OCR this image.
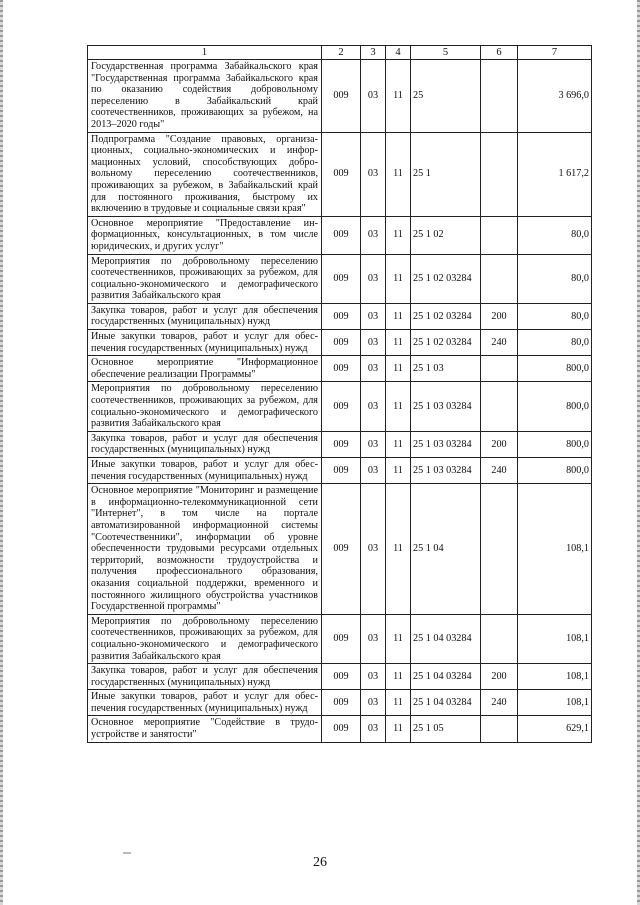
1	2	3	4	5	6	7
Государственная программа Забайкальского края "Государственная программа Забайкальского края по оказанию содействия добровольному переселению в Забайкальский край соотечественников, проживающих за рубежом, на 2013–2020 годы"	009	03	11	25		3 696,0
Подпрограмма "Создание правовых, организационных, социально-экономических и информационных условий, способствующих добровольному переселению соотечественников, проживающих за рубежом, в Забайкальский край для постоянного проживания, быстрому их включению в трудовые и социальные связи края"	009	03	11	25 1		1 617,2
Основное мероприятие "Предоставление информационных, консультационных, в том числе юридических, и других услуг"	009	03	11	25 1 02		80,0
Мероприятия по добровольному переселению соотечественников, проживающих за рубежом, для социально-экономического и демографического развития Забайкальского края	009	03	11	25 1 02 03284		80,0
Закупка товаров, работ и услуг для обеспечения государственных (муниципальных) нужд	009	03	11	25 1 02 03284	200	80,0
Иные закупки товаров, работ и услуг для обеспечения государственных (муниципальных) нужд	009	03	11	25 1 02 03284	240	80,0
Основное мероприятие "Информационное обеспечение реализации Программы"	009	03	11	25 1 03		800,0
Мероприятия по добровольному переселению соотечественников, проживающих за рубежом, для социально-экономического и демографического развития Забайкальского края	009	03	11	25 1 03 03284		800,0
Закупка товаров, работ и услуг для обеспечения государственных (муниципальных) нужд	009	03	11	25 1 03 03284	200	800,0
Иные закупки товаров, работ и услуг для обеспечения государственных (муниципальных) нужд	009	03	11	25 1 03 03284	240	800,0
Основное мероприятие "Мониторинг и размещение в информационно-телекоммуникационной сети "Интернет", в том числе на портале автоматизированной информационной системы "Соотечественники", информации об уровне обеспеченности трудовыми ресурсами отдельных территорий, возможности трудоустройства и получения профессионального образования, оказания социальной поддержки, временного и постоянного жилищного обустройства участников Государственной программы"	009	03	11	25 1 04		108,1
Мероприятия по добровольному переселению соотечественников, проживающих за рубежом, для социально-экономического и демографического развития Забайкальского края	009	03	11	25 1 04 03284		108,1
Закупка товаров, работ и услуг для обеспечения государственных (муниципальных) нужд	009	03	11	25 1 04 03284	200	108,1
Иные закупки товаров, работ и услуг для обеспечения государственных (муниципальных) нужд	009	03	11	25 1 04 03284	240	108,1
Основное мероприятие "Содействие в трудоустройстве и занятости"	009	03	11	25 1 05		629,1
26
